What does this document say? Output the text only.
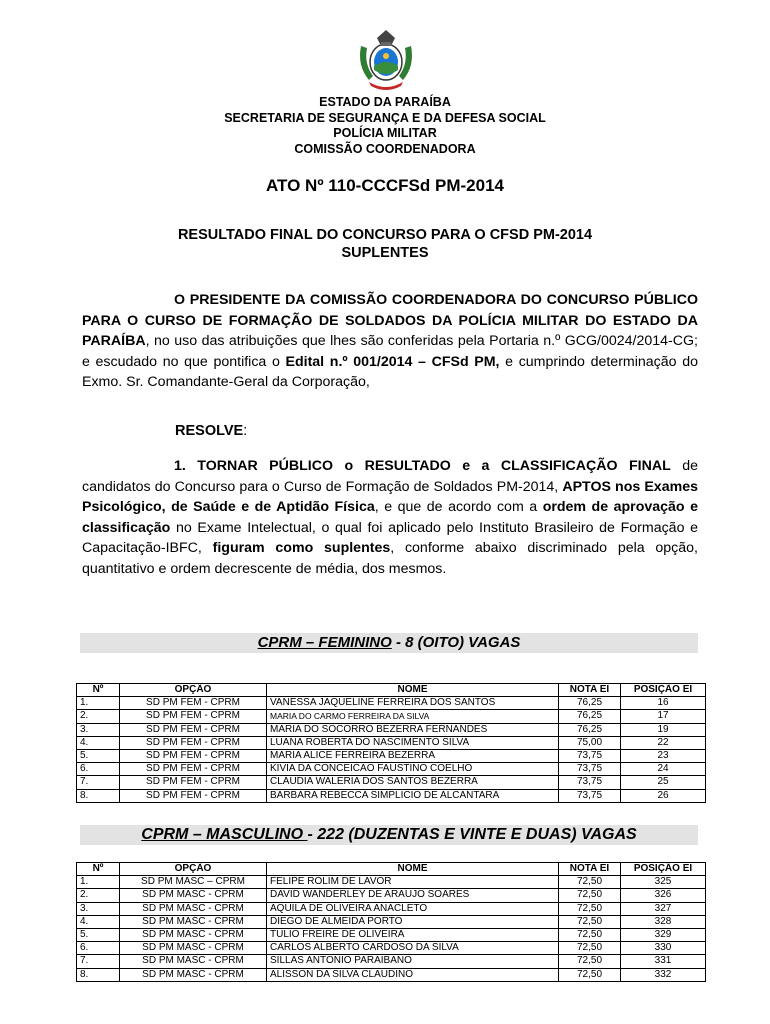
ESTADO DA PARAÍBA
SECRETARIA DE SEGURANÇA E DA DEFESA SOCIAL
POLÍCIA MILITAR
COMISSÃO COORDENADORA
ATO Nº 110-CCCFSd PM-2014
RESULTADO FINAL DO CONCURSO PARA O CFSD PM-2014
SUPLENTES
O PRESIDENTE DA COMISSÃO COORDENADORA DO CONCURSO PÚBLICO PARA O CURSO DE FORMAÇÃO DE SOLDADOS DA POLÍCIA MILITAR DO ESTADO DA PARAÍBA, no uso das atribuições que lhes são conferidas pela Portaria n.º GCG/0024/2014-CG; e escudado no que pontifica o Edital n.º 001/2014 – CFSd PM, e cumprindo determinação do Exmo. Sr. Comandante-Geral da Corporação,
RESOLVE:
1. TORNAR PÚBLICO o RESULTADO e a CLASSIFICAÇÃO FINAL de candidatos do Concurso para o Curso de Formação de Soldados PM-2014, APTOS nos Exames Psicológico, de Saúde e de Aptidão Física, e que de acordo com a ordem de aprovação e classificação no Exame Intelectual, o qual foi aplicado pelo Instituto Brasileiro de Formação e Capacitação-IBFC, figuram como suplentes, conforme abaixo discriminado pela opção, quantitativo e ordem decrescente de média, dos mesmos.
CPRM – FEMININO - 8 (OITO) VAGAS
Nº	OPÇÃO	NOME	NOTA EI	POSIÇÃO EI
1.	SD PM FEM - CPRM	VANESSA JAQUELINE FERREIRA DOS SANTOS	76,25	16
2.	SD PM FEM - CPRM	MARIA DO CARMO FERREIRA DA SILVA	76,25	17
3.	SD PM FEM - CPRM	MARIA DO SOCORRO BEZERRA FERNANDES	76,25	19
4.	SD PM FEM - CPRM	LUANA ROBERTA DO NASCIMENTO SILVA	75,00	22
5.	SD PM FEM - CPRM	MARIA ALICE FERREIRA BEZERRA	73,75	23
6.	SD PM FEM - CPRM	KIVIA DA CONCEICAO FAUSTINO COELHO	73,75	24
7.	SD PM FEM - CPRM	CLAUDIA WALERIA DOS SANTOS BEZERRA	73,75	25
8.	SD PM FEM - CPRM	BARBARA REBECCA SIMPLICIO DE ALCANTARA	73,75	26
CPRM – MASCULINO - 222 (DUZENTAS E VINTE E DUAS) VAGAS
Nº	OPÇÃO	NOME	NOTA EI	POSIÇÃO EI
1.	SD PM MASC – CPRM	FELIPE ROLIM DE LAVOR	72,50	325
2.	SD PM MASC - CPRM	DAVID WANDERLEY DE ARAUJO SOARES	72,50	326
3.	SD PM MASC - CPRM	AQUILA DE OLIVEIRA ANACLETO	72,50	327
4.	SD PM MASC - CPRM	DIEGO DE ALMEIDA PORTO	72,50	328
5.	SD PM MASC - CPRM	TULIO FREIRE DE OLIVEIRA	72,50	329
6.	SD PM MASC - CPRM	CARLOS ALBERTO CARDOSO DA SILVA	72,50	330
7.	SD PM MASC - CPRM	SILLAS ANTONIO PARAIBANO	72,50	331
8.	SD PM MASC - CPRM	ALISSON DA SILVA CLAUDINO	72,50	332
